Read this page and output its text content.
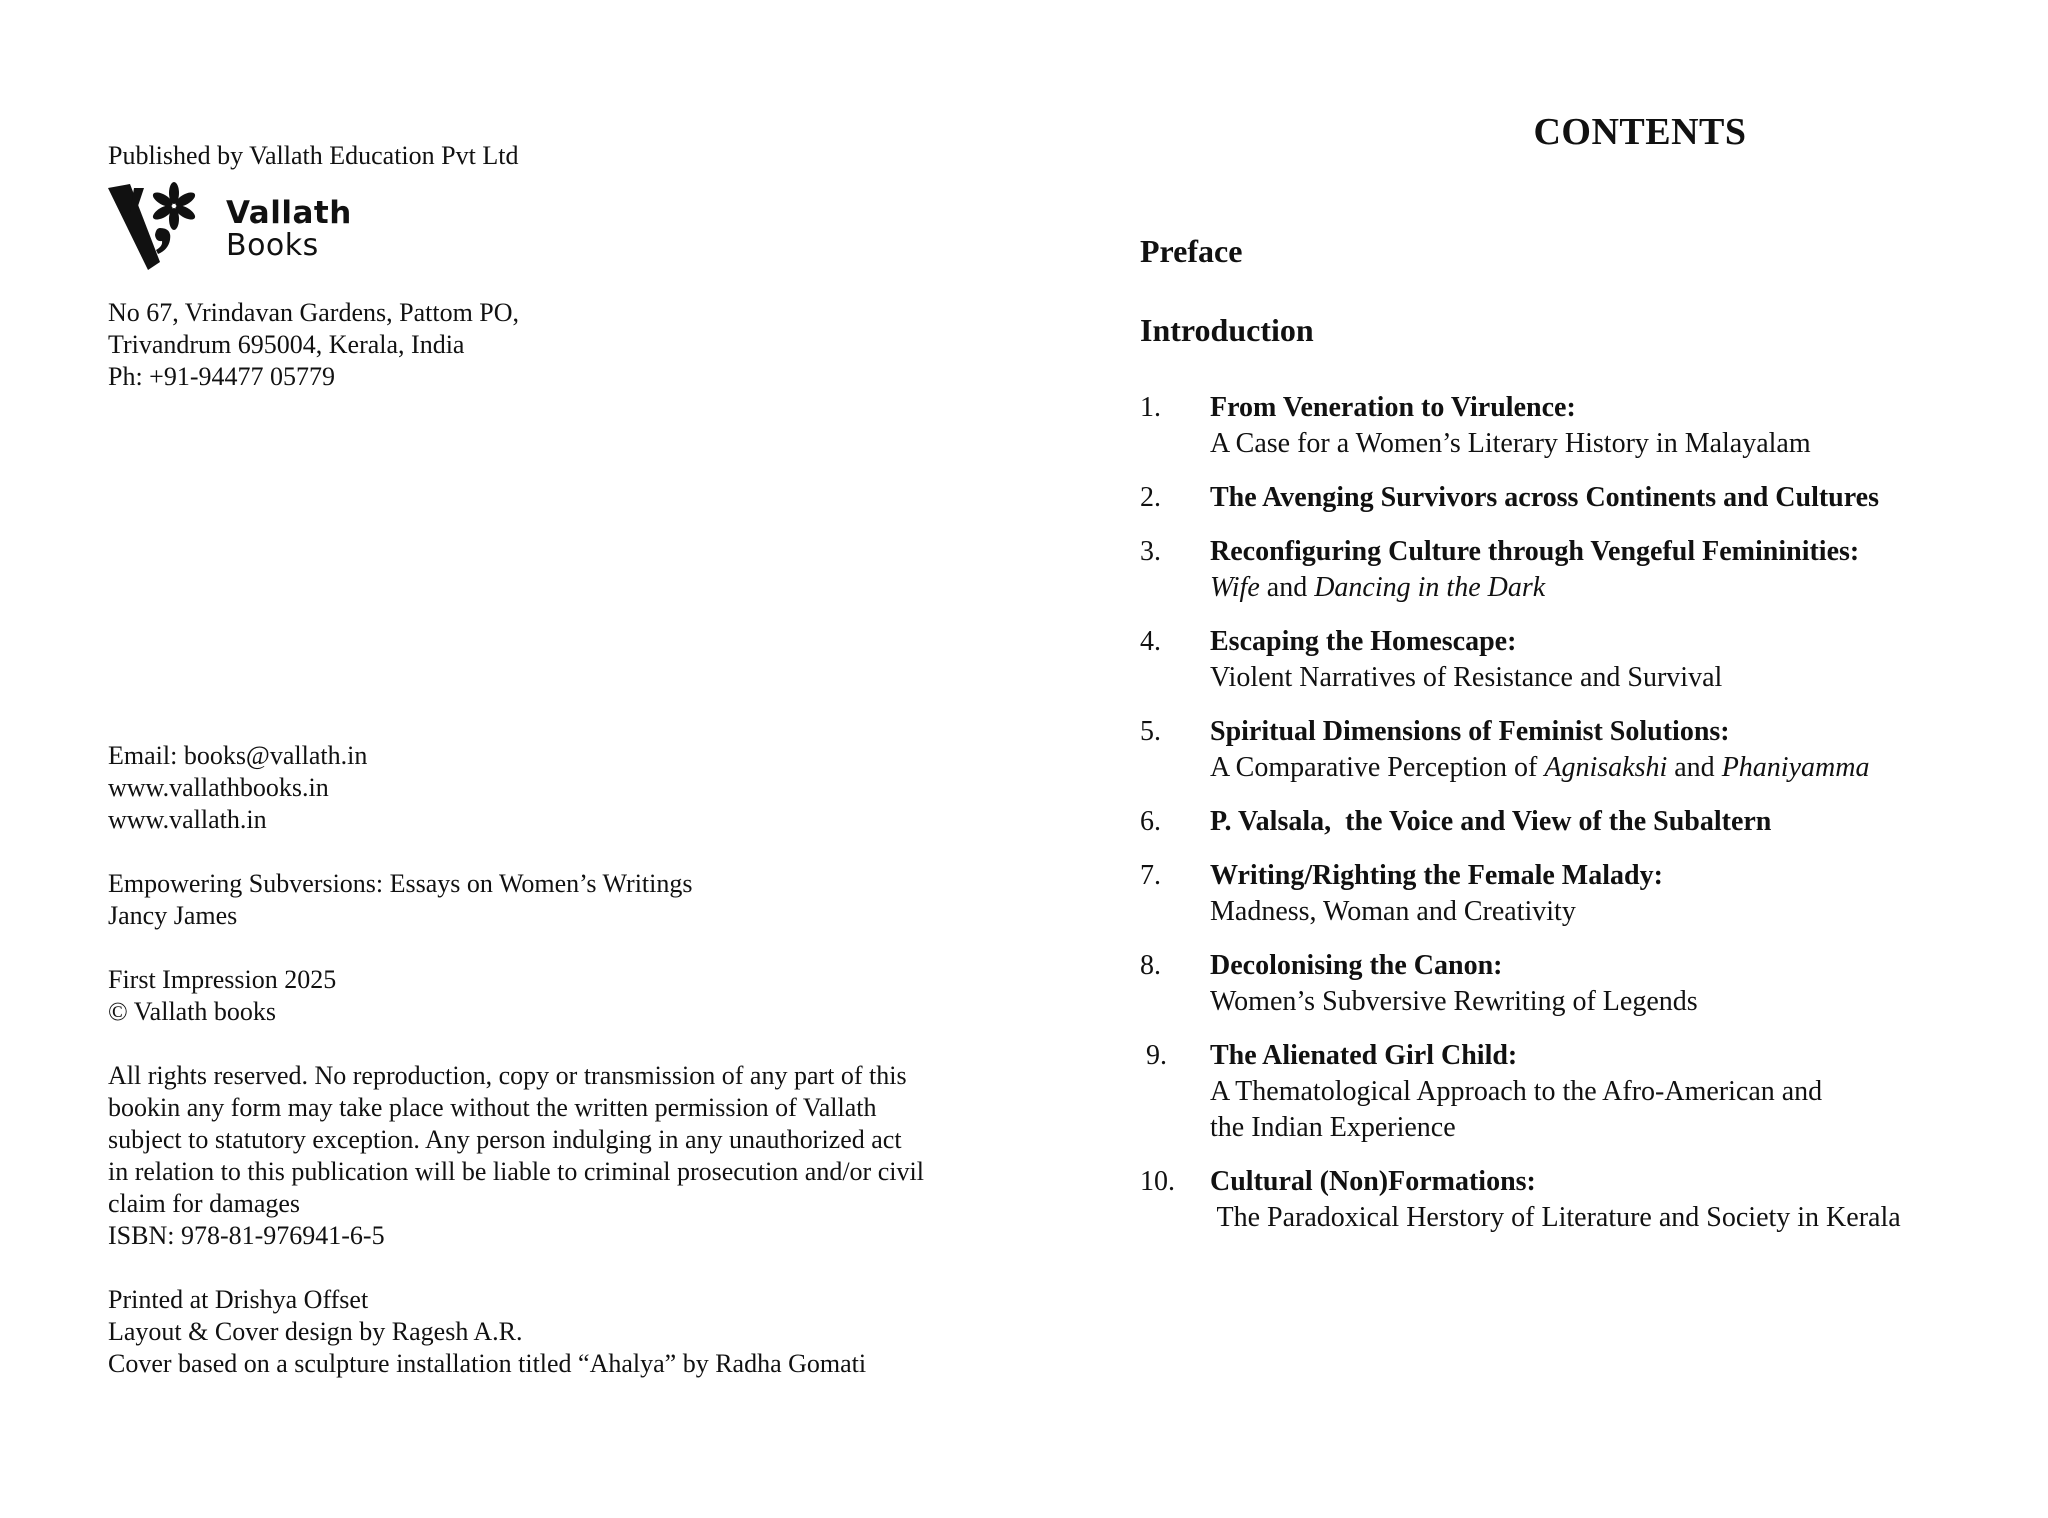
Published by Vallath Education Pvt Ltd

Vallath
Books
No 67, Vrindavan Gardens, Pattom PO,
Trivandrum 695004, Kerala, India
Ph: +91-94477 05779
Email: books@vallath.in
www.vallathbooks.in
www.vallath.in
Empowering Subversions: Essays on Women’s Writings
Jancy James
First Impression 2025
© Vallath books
All rights reserved. No reproduction, copy or transmission of any part of this
bookin any form may take place without the written permission of Vallath
subject to statutory exception. Any person indulging in any unauthorized act
in relation to this publication will be liable to criminal prosecution and/or civil
claim for damages
ISBN: 978-81-976941-6-5
Printed at Drishya Offset
Layout & Cover design by Ragesh A.R.
Cover based on a sculpture installation titled “Ahalya” by Radha Gomati
CONTENTS
Preface
Introduction
1.	From Veneration to Virulence:
A Case for a Women’s Literary History in Malayalam
2.	The Avenging Survivors across Continents and Cultures
3.	Reconfiguring Culture through Vengeful Femininities:
Wife and Dancing in the Dark
4.	Escaping the Homescape:
Violent Narratives of Resistance and Survival
5.	Spiritual Dimensions of Feminist Solutions:
A Comparative Perception of Agnisakshi and Phaniyamma
6.	P. Valsala,  the Voice and View of the Subaltern
7.	Writing/Righting the Female Malady:
Madness, Woman and Creativity
8.	Decolonising the Canon:
Women’s Subversive Rewriting of Legends
9.	The Alienated Girl Child:
A Thematological Approach to the Afro-American and
the Indian Experience
10.	Cultural (Non)Formations:
The Paradoxical Herstory of Literature and Society in Kerala
